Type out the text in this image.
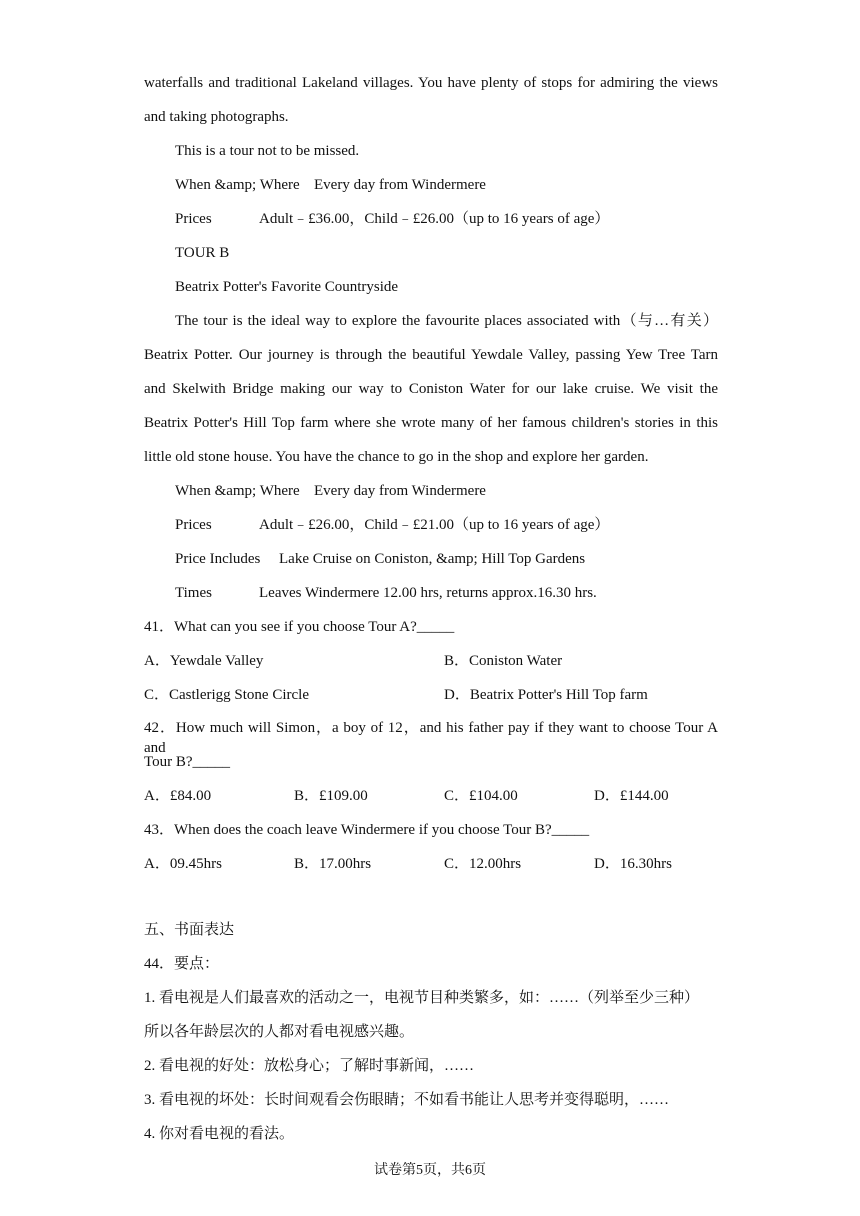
waterfalls and traditional Lakeland villages. You have plenty of stops for admiring the views
and taking photographs.
This is a tour not to be missed.
When &amp; Where Every day from Windermere
Prices	Adult﹣£36.00，Child﹣£26.00（up to 16 years of age）
TOUR B
Beatrix Potter's Favorite Countryside
The tour is the ideal way to explore the favourite places associated with（与…有关）
Beatrix Potter. Our journey is through the beautiful Yewdale Valley, passing Yew Tree Tarn
and Skelwith Bridge making our way to Coniston Water for our lake cruise. We visit the
Beatrix Potter's Hill Top farm where she wrote many of her famous children's stories in this
little old stone house. You have the chance to go in the shop and explore her garden.
When &amp; Where Every day from Windermere
Prices	Adult﹣£26.00，Child﹣£21.00（up to 16 years of age）
Price Includes Lake Cruise on Coniston, &amp; Hill Top Gardens
Times	Leaves Windermere 12.00 hrs, returns approx.16.30 hrs.
41．What can you see if you choose Tour A?_____
A．Yewdale Valley	B．Coniston Water
C．Castlerigg Stone Circle	D．Beatrix Potter's Hill Top farm
42．How much will Simon，a boy of 12，and his father pay if they want to choose Tour A and
Tour B?_____
A．£84.00	B．£109.00	C．£104.00	D．£144.00
43．When does the coach leave Windermere if you choose Tour B?_____
A．09.45hrs	B．17.00hrs	C．12.00hrs	D．16.30hrs
五、书面表达
44．要点：
1. 看电视是人们最喜欢的活动之一，电视节目种类繁多，如：……（列举至少三种）
所以各年龄层次的人都对看电视感兴趣。
2. 看电视的好处：放松身心；了解时事新闻，……
3. 看电视的坏处：长时间观看会伤眼睛；不如看书能让人思考并变得聪明，……
4. 你对看电视的看法。
试卷第5页，共6页
